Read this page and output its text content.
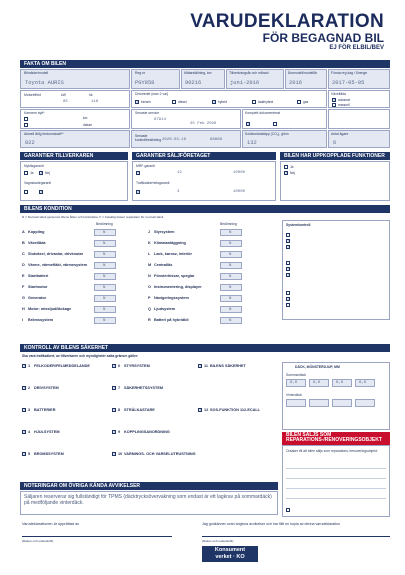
VARUDEKLARATION
FÖR BEGAGNAD BIL
EJ FÖR ELBIL/BEV
FAKTA OM BILEN
Bilmärke/modell
Toyota AURIS
Reg nr
PGY858
Mätarställning, km
90216
Tillverkningsår och månad
juni-2016
Årsmodell/modellår
2016
Första reg dag i Sverige
2017-05-05
Motoreffekt	kW	hk
85	116
Drivmedel (max 2 val)
✓
bensin	diesel ✓	hybrid	laddhybrid	gas
Växellåda
✓
automat
manuell
Kamrem bytt*
km
datum
Senaste service
87914
25 Feb 2026
Komplett dokumenterat
✓
Aktuell årlig fordonsskatt**
822
Senaste kontrollbesiktning 2026-03-16	88668
Koldioxidutsläpp (CO₂), g/km
132
Antal ägare
6
GARANTIER TILLVERKAREN	GARANTIER SÄLJFÖRETAGET	BILEN HAR UPPKOPPLADE FUNKTIONER
Nybilsgaranti
Ja ✓	Nej
Vagnskadegaranti
✓
MRF-garanti
✓
12	10000
Trafiksäkerhetsgaranti
✓
3	10000
Ja
✓
Nej
BILENS KONDITION
N = Normalt skick gentemot bilens ålder och körsträcka, F = Felaktig kräver reparation för normalt skick
Bedömning	Bedömning
A Koppling	N
B Växellåda	N
C Slutväxel, drivaxlar, drivknutar	N
D Värme, värmefläkt, värmesystem	N
E Startbatteri	N
F Startmotor	N
G Generator	N
H Motor: missljud/läckage	N
I Brömssystem	N
J Styrsystem	N
K Klimatanläggning	N
L Lack, karosz, interiör	N
M Centrallås	N
N Fönsterhissar, speglar	N
O Instrumentering, displayer	N
P Navigeringssystem	N
Q Ljudsystem	N
R Batteri på hybridbil	N
Systemkontroll
✓
✓
✓
✓
✓
KONTROLL AV BILENS SÄKERHET
Ska vara trafiksäkert, av tillverkaren och myndigheter satta gränser gäller:
✓
1 FELKODER/FELMEDDELANDE
✓
2 DRIVSYSTEM
✓
3 BATTERIER
✓
4 HJULSYSTEM
✓
5 BROMSSYSTEM
✓
6 STYRSYSTEM
✓
7 SÄKERHETSSYSTEM
✓
8 STRÅLKASTARE
✓
9 KOPPLINGSANORDNING
✓
10 VARNINGS- OCH VARSELUTRUSTNING
✓
11 BILENS SÄKERHET
✓
12 SOS-FUNKTION 112-ECALL
DÄCK, MÖNSTERDJUP, MM
Sommardäck
6,0	6,0	6,0	6,0
Vinterdäck
BILEN SÄLJS SOM REPARATIONS-/RENOVERINGSOBJEKT
Orsaker till att bilen säljs som reparations-/renoveringsobjekt:
NOTERINGAR OM ÖVRIGA KÄNDA AVVIKELSER
Säljaren reserverar sig fullständigt för TPMS (däcktrycksövervakning som endast är ett lagkrav på sommardäck) på medföljande vinterdäck.
Varudeklarationen är upprättad av
(Datum och underskrift)
Jag godkänner ovan angivna avvikelser och har fått en kopia av denna varudeklaration
(Datum och underskrift)
Konsument
verket · KO
